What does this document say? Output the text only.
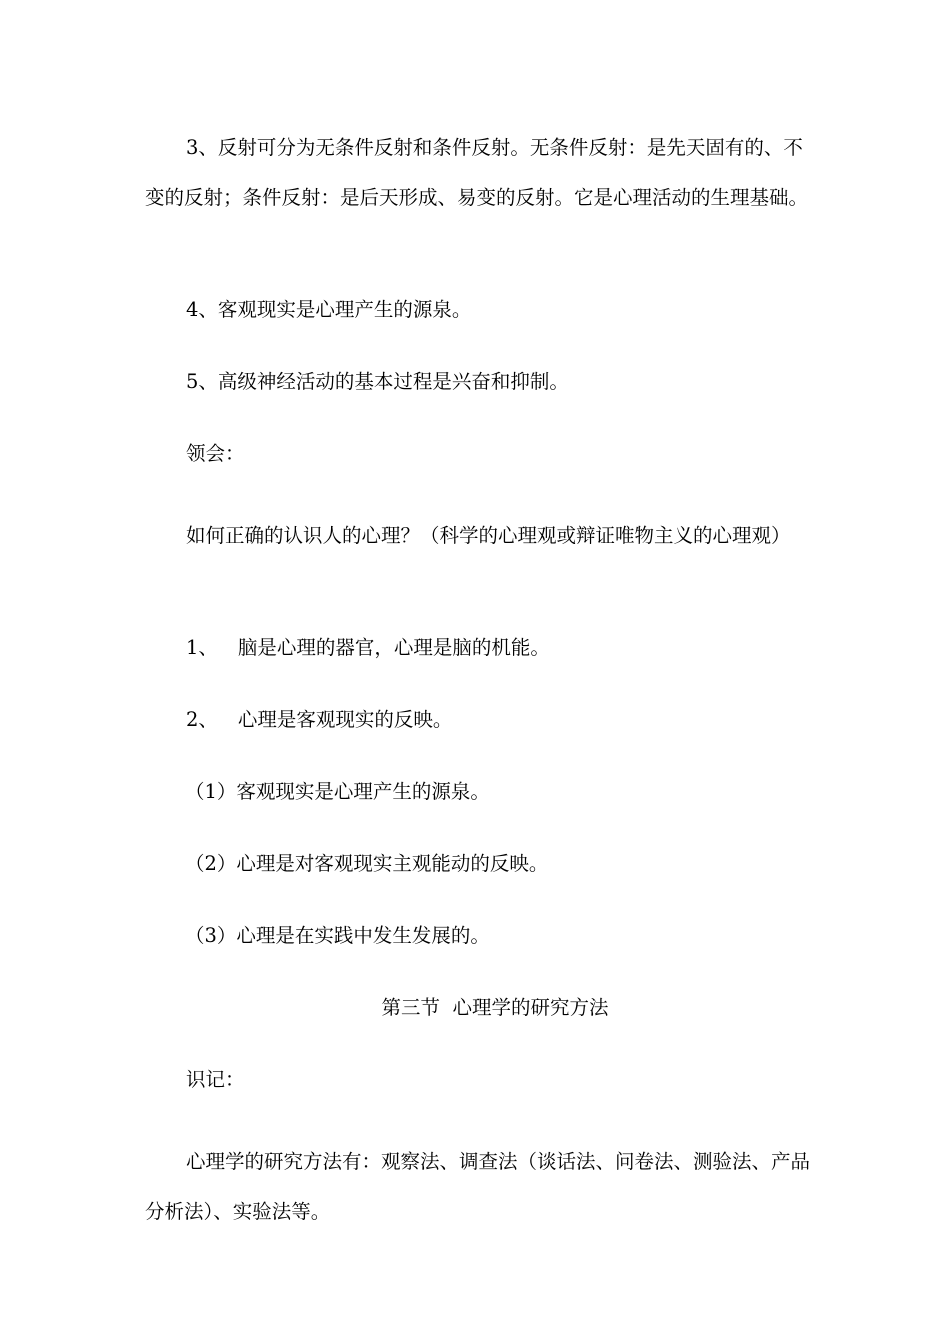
3、反射可分为无条件反射和条件反射。无条件反射：是先天固有的、不变的反射；条件反射：是后天形成、易变的反射。它是心理活动的生理基础。

4、客观现实是心理产生的源泉。

5、高级神经活动的基本过程是兴奋和抑制。

领会：

如何正确的认识人的心理？（科学的心理观或辩证唯物主义的心理观）

1、 脑是心理的器官，心理是脑的机能。

2、 心理是客观现实的反映。

（1）客观现实是心理产生的源泉。

（2）心理是对客观现实主观能动的反映。

（3）心理是在实践中发生发展的。

第三节  心理学的研究方法

识记：

心理学的研究方法有：观察法、调查法（谈话法、问卷法、测验法、产品分析法）、实验法等。
